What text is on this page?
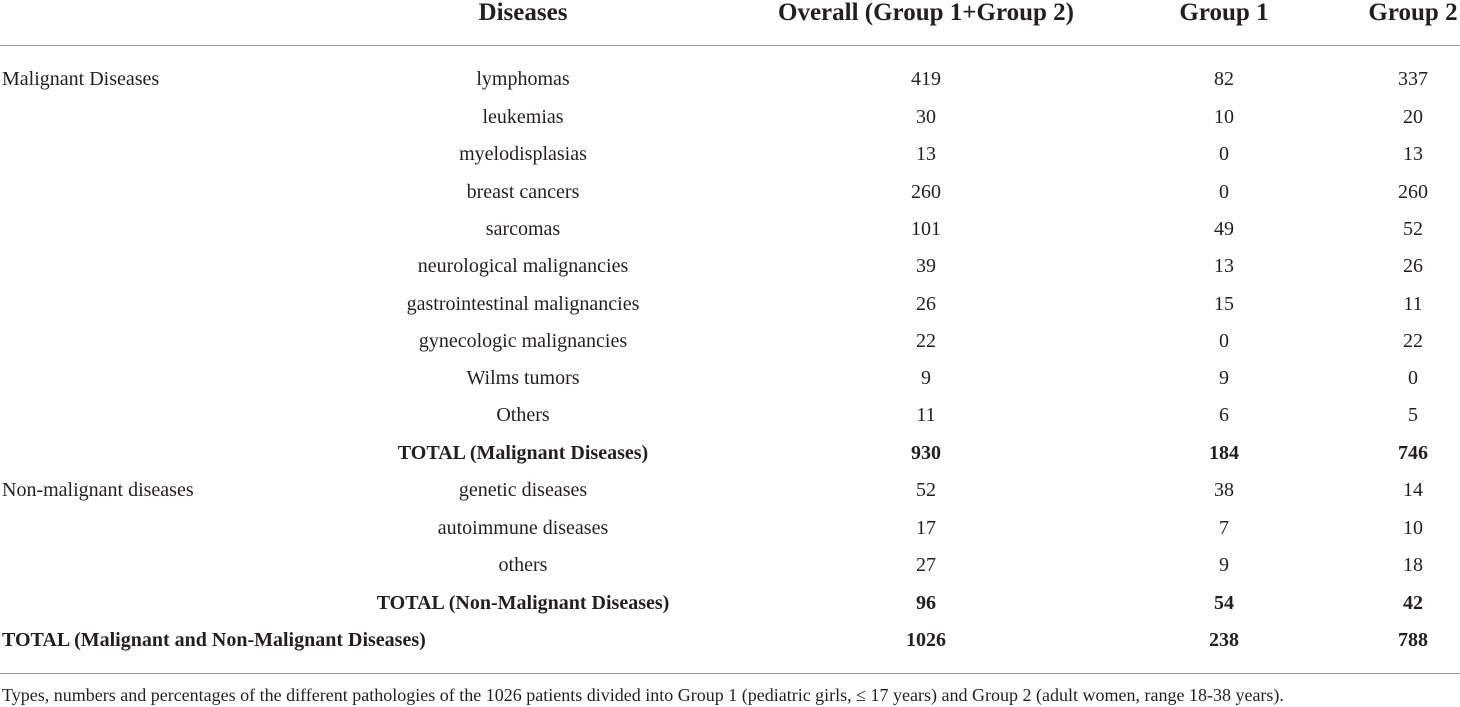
Diseases	Overall (Group 1+Group 2)	Group 1	Group 2
Malignant Diseases	lymphomas	419	82	337
leukemias	30	10	20
myelodisplasias	13	0	13
breast cancers	260	0	260
sarcomas	101	49	52
neurological malignancies	39	13	26
gastrointestinal malignancies	26	15	11
gynecologic malignancies	22	0	22
Wilms tumors	9	9	0
Others	11	6	5
TOTAL (Malignant Diseases)	930	184	746
Non-malignant diseases	genetic diseases	52	38	14
autoimmune diseases	17	7	10
others	27	9	18
TOTAL (Non-Malignant Diseases)	96	54	42
TOTAL (Malignant and Non-Malignant Diseases)	1026	238	788
Types, numbers and percentages of the different pathologies of the 1026 patients divided into Group 1 (pediatric girls, ≤ 17 years) and Group 2 (adult women, range 18-38 years).
